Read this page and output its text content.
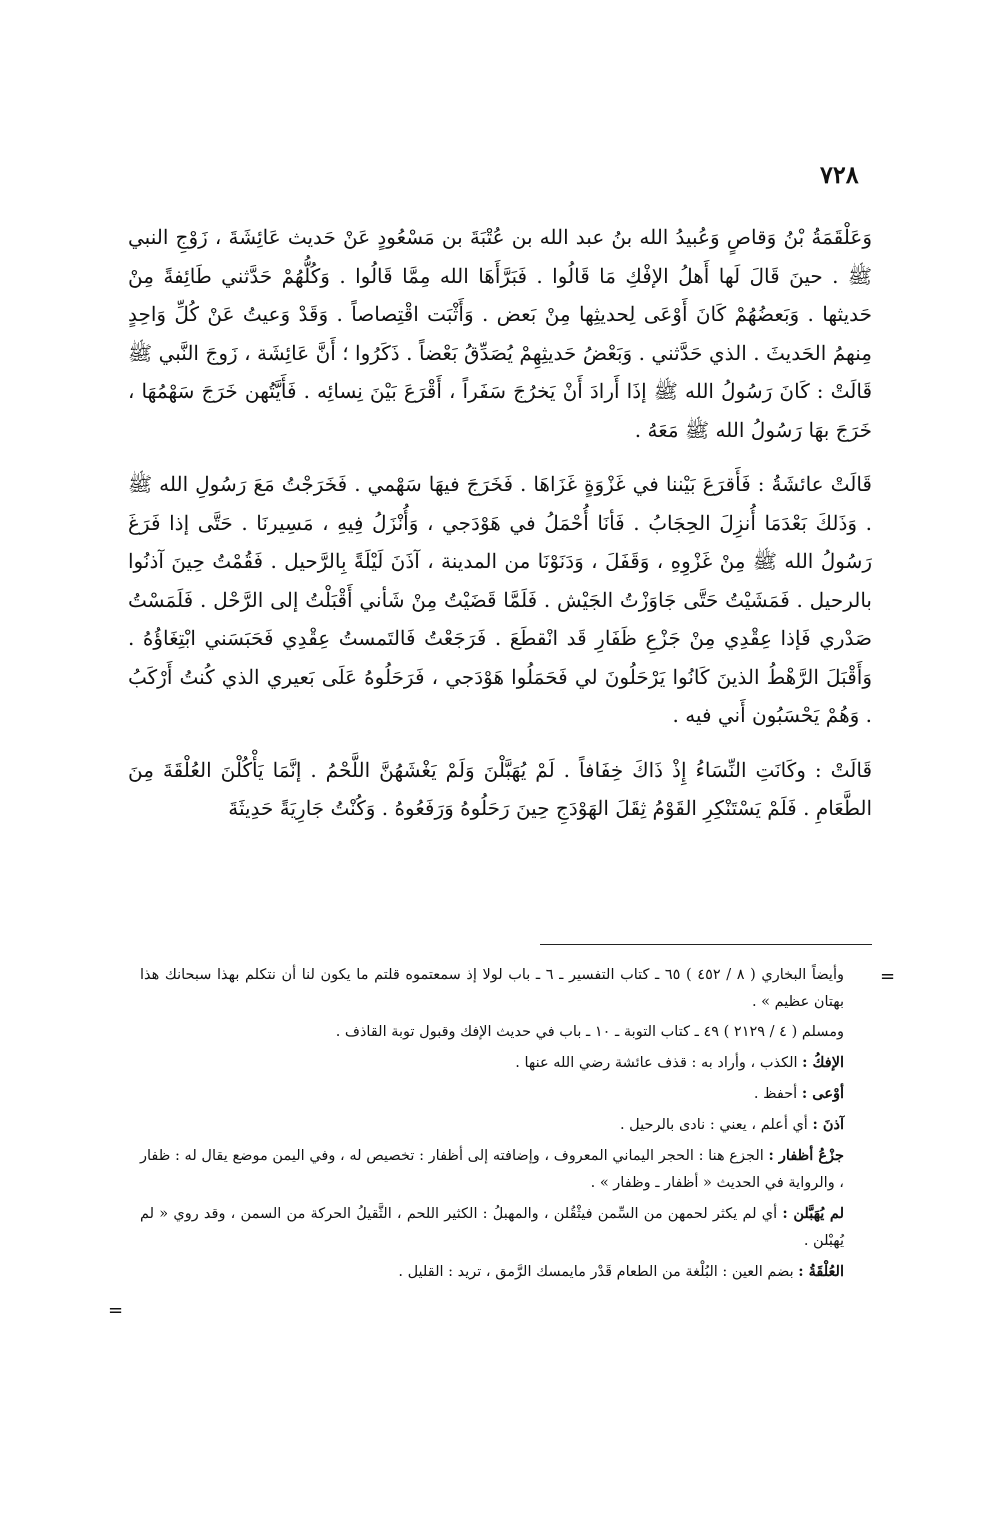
٧٢٨

وَعَلْقَمَةُ بْنُ وَقاصٍ وَعُبيدُ الله بنُ عبد الله بن عُتْبَةَ بن مَسْعُودٍ عَنْ حَديث عَائِشَةَ ، زَوْجِ النبي ﷺ . حينَ قَالَ لَها أَهلُ الإفْكِ مَا قَالُوا . فَبَرَّأَهَا الله مِمَّا قَالُوا . وَكُلُّهُمْ حَدَّثني طَائِفةً مِنْ حَديثها . وَبَعضُهُمْ كَانَ أَوْعَى لِحديثِها مِنْ بَعض . وَأَثْبَت اقْتِصاصاً . وَقَدْ وَعيتُ عَنْ كُلِّ وَاحِدٍ مِنهمُ الحَديثَ . الذي حَدَّثني . وَبَعْضُ حَديثِهِمْ يُصَدِّقُ بَعْضاً . ذَكَرُوا ؛ أَنَّ عَائِشَة ، زَوجَ النَّبي ﷺ قَالَتْ : كَانَ رَسُولُ الله ﷺ إذَا أَرادَ أَنْ يَخرُجَ سَفَراً ، أَقْرَعَ بَيْنَ نِسائِه . فَأَيَّتُهن خَرَجَ سَهْمُهَا ، خَرَجَ بهَا رَسُولُ الله ﷺ مَعَهُ .

قَالَتْ عائشَةُ : فَأَقرَعَ بَيْننا في غَزْوَةٍ غَزَاهَا . فَخَرَجَ فيهَا سَهْمي . فَخَرَجْتُ مَعَ رَسُولِ الله ﷺ . وَذَلكَ بَعْدَمَا أُنزِلَ الحِجَابُ . فَأنَا أُحْمَلُ في هَوْدَجي ، وَأُنْزَلُ فِيهِ ، مَسِيرنَا . حَتَّى إذا فَرَغَ رَسُولُ الله ﷺ مِنْ غَزْوِهِ ، وَقَفَلَ ، وَدَنَوْنَا من المدينة ، آذَنَ لَيْلَةً بِالرَّحيل . فَقُمْتُ حِينَ آذنُوا بالرحيل . فَمَشَيْتُ حَتَّى جَاوَزْتُ الجَيْش . فَلَمَّا قَضَيْتُ مِنْ شَأني أَقْبَلْتُ إلى الرَّحْل . فَلَمَسْتُ صَدْري فَإذا عِقْدِي مِنْ جَزْعِ ظَفَارِ قَد انْقطَعَ . فَرَجَعْتُ فَالتَمستُ عِقْدِي فَحَبَسَني ابْتِغَاؤُهُ . وَأَقْبَلَ الرَّهْطُ الذينَ كَانُوا يَرْحَلُونَ لي فَحَمَلُوا هَوْدَجي ، فَرَحَلُوهُ عَلَى بَعيري الذي كُنتُ أَرْكَبُ . وَهُمْ يَحْسَبُون أَني فيه .

قَالَتْ : وكَانَتِ النِّسَاءُ إِذْ ذَاكَ خِفَافاً . لَمْ يُهَبَّلْنَ وَلَمْ يَغْشَهُنَّ اللَّحْمُ . إنَّمَا يَأْكُلْنَ العُلْقَةَ مِنَ الطَّعَامِ . فَلَمْ يَسْتَنْكِرِ القَوْمُ ثِقَلَ الهَوْدَجِ حِينَ رَحَلُوهُ وَرَفَعُوهُ . وَكُنْتُ جَارِيَةً حَدِيثَةَ

=
=
وأيضاً البخاري ( ٨ / ٤٥٢ ) ٦٥ ـ كتاب التفسير ـ ٦ ـ باب لولا إذ سمعتموه قلتم ما يكون لنا أن نتكلم بهذا سبحانك هذا بهتان عظيم » .
ومسلم ( ٤ / ٢١٢٩ ) ٤٩ ـ كتاب التوبة ـ ١٠ ـ باب في حديث الإفك وقبول توبة القاذف .
الإفكُ : الكذب ، وأراد به : قذف عائشة رضي الله عنها .
أوْعى : أحفظ .
آذنَ : أي أعلم ، يعني : نادى بالرحيل .
جزْعُ أظفار : الجزع هنا : الحجر اليماني المعروف ، وإضافته إلى أظفار : تخصيص له ، وفي اليمن موضع يقال له : ظفار ، والرواية في الحديث « أظفار ـ وظفار » .
لم يُهَبَّلن : أي لم يكثر لحمهن من السِّمن فيثْقُلن ، والمهبلُ : الكثير اللحم ، الثَّقيلُ الحركة من السمن ، وقد روي « لم يُهبْلن .
العُلْقَةُ : بضم العين : البُلْغة من الطعام قَدْر مايمسك الرَّمق ، تريد : القليل .
